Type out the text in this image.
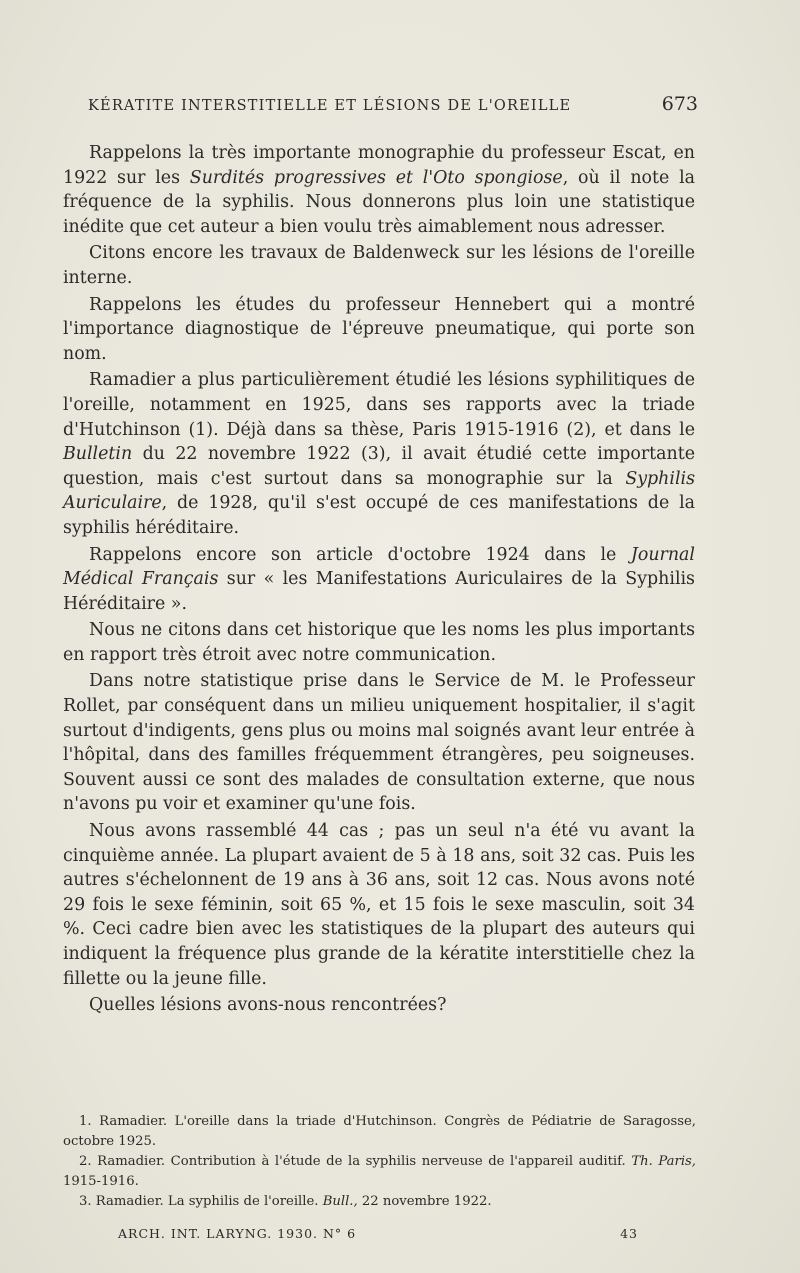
KÉRATITE INTERSTITIELLE ET LÉSIONS DE L'OREILLE	673

Rappelons la très importante monographie du professeur Escat, en 1922 sur les Surdités progressives et l'Oto spongiose, où il note la fréquence de la syphilis. Nous donnerons plus loin une statistique inédite que cet auteur a bien voulu très aimablement nous adresser.

Citons encore les travaux de Baldenweck sur les lésions de l'oreille interne.

Rappelons les études du professeur Hennebert qui a montré l'importance diagnostique de l'épreuve pneumatique, qui porte son nom.

Ramadier a plus particulièrement étudié les lésions syphilitiques de l'oreille, notamment en 1925, dans ses rapports avec la triade d'Hutchinson (1). Déjà dans sa thèse, Paris 1915-1916 (2), et dans le Bulletin du 22 novembre 1922 (3), il avait étudié cette importante question, mais c'est surtout dans sa monographie sur la Syphilis Auriculaire, de 1928, qu'il s'est occupé de ces manifestations de la syphilis héréditaire.

Rappelons encore son article d'octobre 1924 dans le Journal Médical Français sur « les Manifestations Auriculaires de la Syphilis Héréditaire ».

Nous ne citons dans cet historique que les noms les plus importants en rapport très étroit avec notre communication.

Dans notre statistique prise dans le Service de M. le Professeur Rollet, par conséquent dans un milieu uniquement hospitalier, il s'agit surtout d'indigents, gens plus ou moins mal soignés avant leur entrée à l'hôpital, dans des familles fréquemment étrangères, peu soigneuses. Souvent aussi ce sont des malades de consultation externe, que nous n'avons pu voir et examiner qu'une fois.

Nous avons rassemblé 44 cas ; pas un seul n'a été vu avant la cinquième année. La plupart avaient de 5 à 18 ans, soit 32 cas. Puis les autres s'échelonnent de 19 ans à 36 ans, soit 12 cas. Nous avons noté 29 fois le sexe féminin, soit 65 %, et 15 fois le sexe masculin, soit 34 %. Ceci cadre bien avec les statistiques de la plupart des auteurs qui indiquent la fréquence plus grande de la kératite interstitielle chez la fillette ou la jeune fille.

Quelles lésions avons-nous rencontrées?

1. Ramadier. L'oreille dans la triade d'Hutchinson. Congrès de Pédiatrie de Saragosse, octobre 1925.

2. Ramadier. Contribution à l'étude de la syphilis nerveuse de l'appareil auditif. Th. Paris, 1915-1916.

3. Ramadier. La syphilis de l'oreille. Bull., 22 novembre 1922.

ARCH. INT. LARYNG. 1930. N° 6	43
